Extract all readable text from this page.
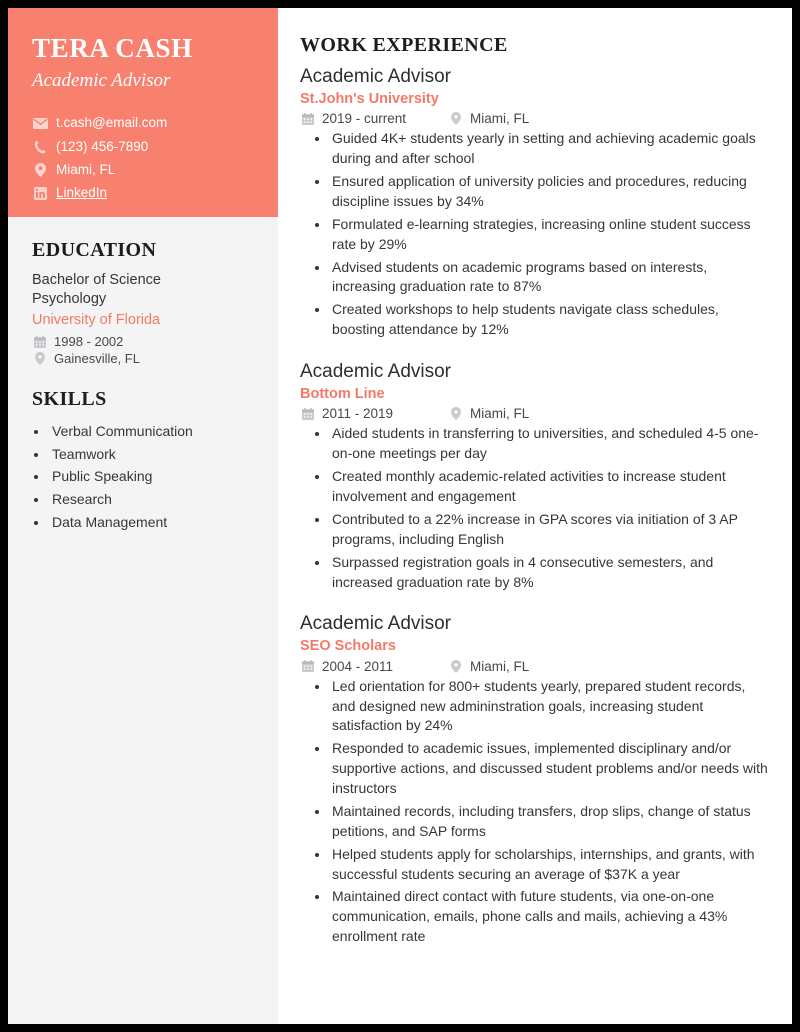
TERA CASH
Academic Advisor
t.cash@email.com
(123) 456-7890
Miami, FL
LinkedIn
EDUCATION
Bachelor of Science
Psychology
University of Florida
1998 - 2002
Gainesville, FL
SKILLS
• Verbal Communication
• Teamwork
• Public Speaking
• Research
• Data Management
WORK EXPERIENCE
Academic Advisor
St.John's University
2019 - current	Miami, FL
• Guided 4K+ students yearly in setting and achieving academic goals during and after school
• Ensured application of university policies and procedures, reducing discipline issues by 34%
• Formulated e-learning strategies, increasing online student success rate by 29%
• Advised students on academic programs based on interests, increasing graduation rate to 87%
• Created workshops to help students navigate class schedules, boosting attendance by 12%
Academic Advisor
Bottom Line
2011 - 2019	Miami, FL
• Aided students in transferring to universities, and scheduled 4-5 one-on-one meetings per day
• Created monthly academic-related activities to increase student involvement and engagement
• Contributed to a 22% increase in GPA scores via initiation of 3 AP programs, including English
• Surpassed registration goals in 4 consecutive semesters, and increased graduation rate by 8%
Academic Advisor
SEO Scholars
2004 - 2011	Miami, FL
• Led orientation for 800+ students yearly, prepared student records, and designed new admininstration goals, increasing student satisfaction by 24%
• Responded to academic issues, implemented disciplinary and/or supportive actions, and discussed student problems and/or needs with instructors
• Maintained records, including transfers, drop slips, change of status petitions, and SAP forms
• Helped students apply for scholarships, internships, and grants, with successful students securing an average of $37K a year
• Maintained direct contact with future students, via one-on-one communication, emails, phone calls and mails, achieving a 43% enrollment rate
